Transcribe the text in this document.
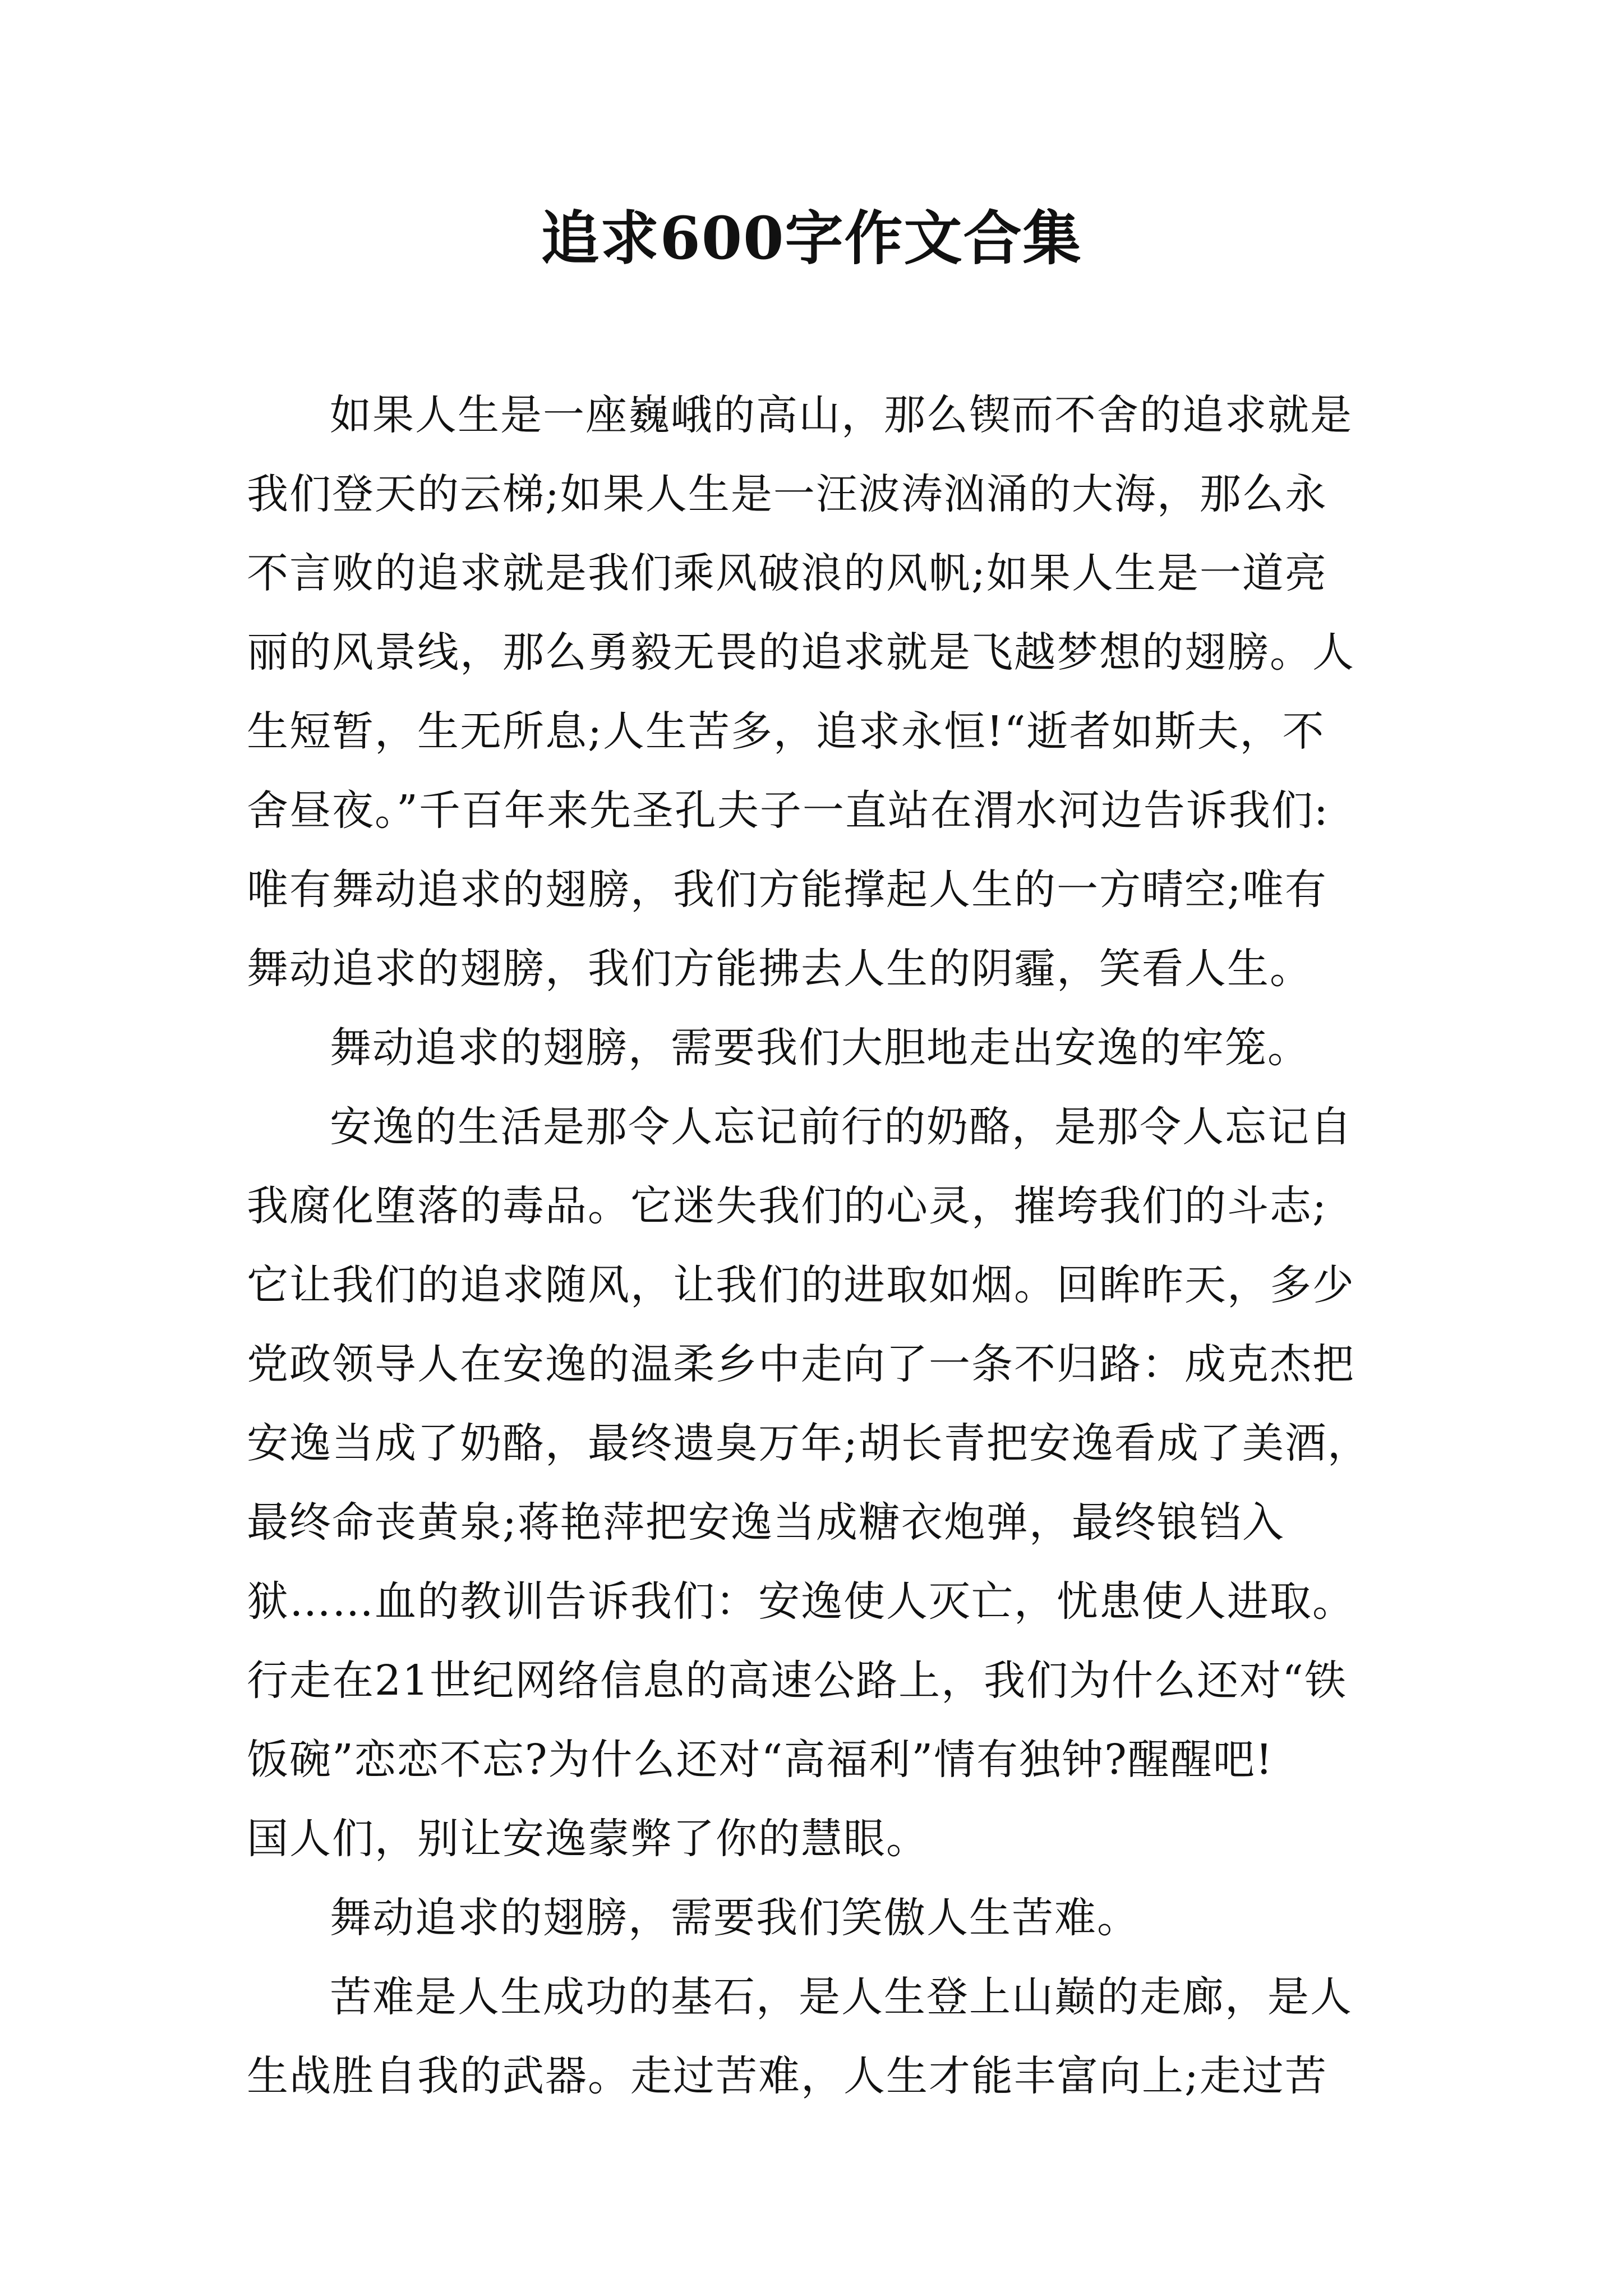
追求600字作文合集
如果人生是一座巍峨的高山，那么锲而不舍的追求就是
我们登天的云梯;如果人生是一汪波涛汹涌的大海，那么永
不言败的追求就是我们乘风破浪的风帆;如果人生是一道亮
丽的风景线，那么勇毅无畏的追求就是飞越梦想的翅膀。人
生短暂，生无所息;人生苦多，追求永恒!“逝者如斯夫，不
舍昼夜。”千百年来先圣孔夫子一直站在渭水河边告诉我们:
唯有舞动追求的翅膀，我们方能撑起人生的一方晴空;唯有
舞动追求的翅膀，我们方能拂去人生的阴霾，笑看人生。
舞动追求的翅膀，需要我们大胆地走出安逸的牢笼。
安逸的生活是那令人忘记前行的奶酪，是那令人忘记自
我腐化堕落的毒品。它迷失我们的心灵，摧垮我们的斗志;
它让我们的追求随风，让我们的进取如烟。回眸昨天，多少
党政领导人在安逸的温柔乡中走向了一条不归路：成克杰把
安逸当成了奶酪，最终遗臭万年;胡长青把安逸看成了美酒，
最终命丧黄泉;蒋艳萍把安逸当成糖衣炮弹，最终锒铛入
狱……血的教训告诉我们：安逸使人灭亡，忧患使人进取。
行走在21世纪网络信息的高速公路上，我们为什么还对“铁
饭碗”恋恋不忘?为什么还对“高福利”情有独钟?醒醒吧!
国人们，别让安逸蒙弊了你的慧眼。
舞动追求的翅膀，需要我们笑傲人生苦难。
苦难是人生成功的基石，是人生登上山巅的走廊，是人
生战胜自我的武器。走过苦难，人生才能丰富向上;走过苦
